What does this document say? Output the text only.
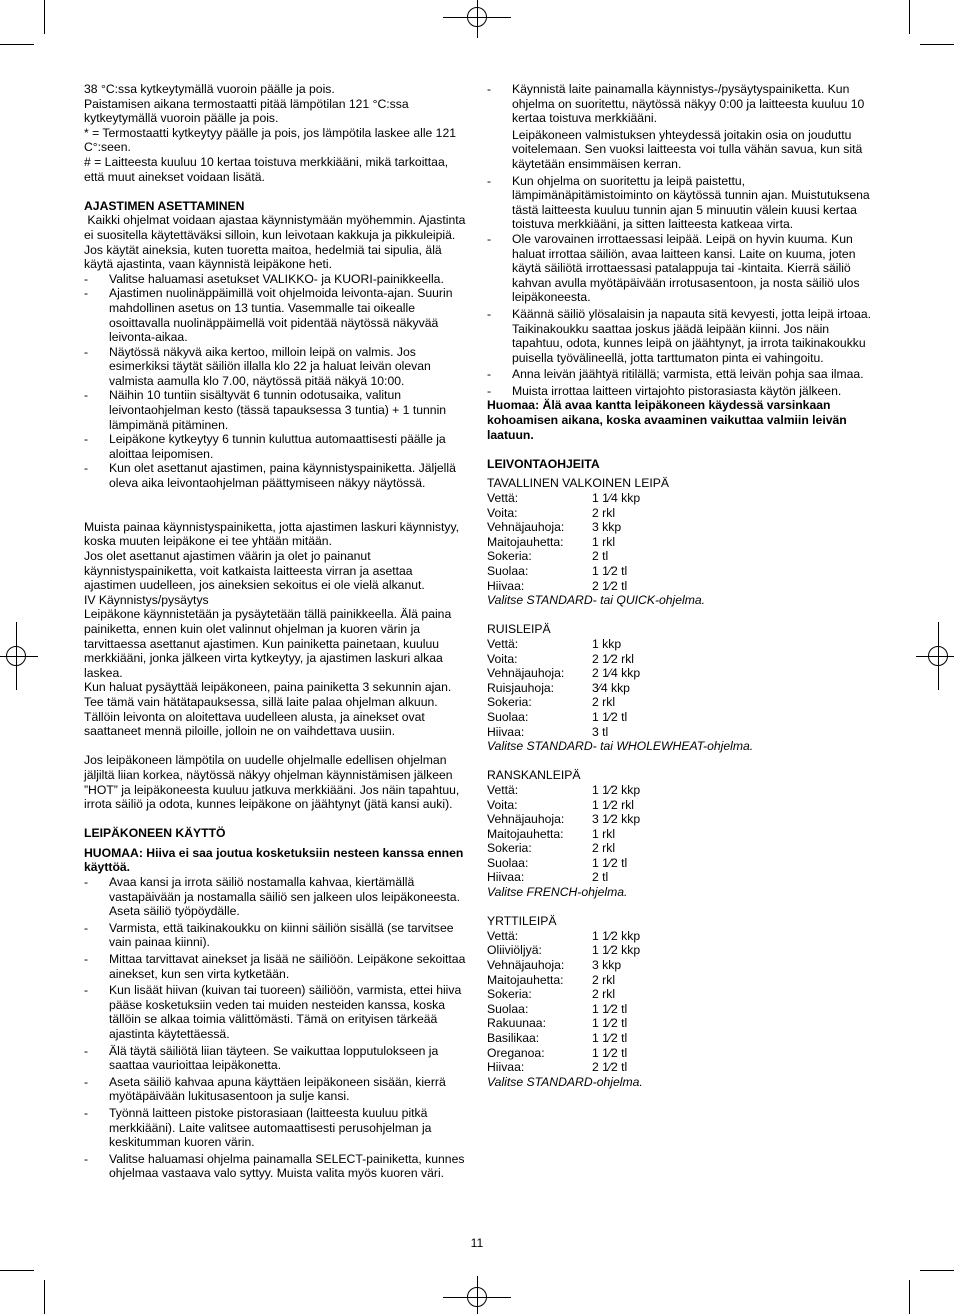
38 °C:ssa kytkeytymällä vuoroin päälle ja pois.

Paistamisen aikana termostaatti pitää lämpötilan 121 °C:ssa kytkeytymällä vuoroin päälle ja pois.

* = Termostaatti kytkeytyy päälle ja pois, jos lämpötila laskee alle 121 C°:seen.

# = Laitteesta kuuluu 10 kertaa toistuva merkkiääni, mikä tarkoittaa, että muut ainekset voidaan lisätä.

AJASTIMEN ASETTAMINEN

Kaikki ohjelmat voidaan ajastaa käynnistymään myöhemmin. Ajastinta ei suositella käytettäväksi silloin, kun leivotaan kakkuja ja pikkuleipiä. Jos käytät aineksia, kuten tuoretta maitoa, hedelmiä tai sipulia, älä käytä ajastinta, vaan käynnistä leipäkone heti.

-	Valitse haluamasi asetukset VALIKKO- ja KUORI-painikkeella.
-	Ajastimen nuolinäppäimillä voit ohjelmoida leivonta-ajan. Suurin mahdollinen asetus on 13 tuntia. Vasemmalle tai oikealle osoittavalla nuolinäppäimellä voit pidentää näytössä näkyvää leivonta-aikaa.
-	Näytössä näkyvä aika kertoo, milloin leipä on valmis. Jos esimerkiksi täytät säiliön illalla klo 22 ja haluat leivän olevan valmista aamulla klo 7.00, näytössä pitää näkyä 10:00.
-	Näihin 10 tuntiin sisältyvät 6 tunnin odotusaika, valitun leivontaohjelman kesto (tässä tapauksessa 3 tuntia) + 1 tunnin lämpimänä pitäminen.
-	Leipäkone kytkeytyy 6 tunnin kuluttua automaattisesti päälle ja aloittaa leipomisen.
-	Kun olet asettanut ajastimen, paina käynnistyspainiketta. Jäljellä oleva aika leivontaohjelman päättymiseen näkyy näytössä.

Muista painaa käynnistyspainiketta, jotta ajastimen laskuri käynnistyy, koska muuten leipäkone ei tee yhtään mitään.

Jos olet asettanut ajastimen väärin ja olet jo painanut käynnistyspainiketta, voit katkaista laitteesta virran ja asettaa ajastimen uudelleen, jos aineksien sekoitus ei ole vielä alkanut.

IV Käynnistys/pysäytys

Leipäkone käynnistetään ja pysäytetään tällä painikkeella. Älä paina painiketta, ennen kuin olet valinnut ohjelman ja kuoren värin ja tarvittaessa asettanut ajastimen. Kun painiketta painetaan, kuuluu merkkiääni, jonka jälkeen virta kytkeytyy, ja ajastimen laskuri alkaa laskea.

Kun haluat pysäyttää leipäkoneen, paina painiketta 3 sekunnin ajan. Tee tämä vain hätätapauksessa, sillä laite palaa ohjelman alkuun. Tällöin leivonta on aloitettava uudelleen alusta, ja ainekset ovat saattaneet mennä piloille, jolloin ne on vaihdettava uusiin.

Jos leipäkoneen lämpötila on uudelle ohjelmalle edellisen ohjelman jäljiltä liian korkea, näytössä näkyy ohjelman käynnistämisen jälkeen ”HOT” ja leipäkoneesta kuuluu jatkuva merkkiääni. Jos näin tapahtuu, irrota säiliö ja odota, kunnes leipäkone on jäähtynyt (jätä kansi auki).

LEIPÄKONEEN KÄYTTÖ

HUOMAA: Hiiva ei saa joutua kosketuksiin nesteen kanssa ennen käyttöä.

-	Avaa kansi ja irrota säiliö nostamalla kahvaa, kiertämällä vastapäivään ja nostamalla säiliö sen jalkeen ulos leipäkoneesta. Aseta säiliö työpöydälle.
-	Varmista, että taikinakoukku on kiinni säiliön sisällä (se tarvitsee vain painaa kiinni).
-	Mittaa tarvittavat ainekset ja lisää ne säiliöön. Leipäkone sekoittaa ainekset, kun sen virta kytketään.
-	Kun lisäät hiivan (kuivan tai tuoreen) säiliöön, varmista, ettei hiiva pääse kosketuksiin veden tai muiden nesteiden kanssa, koska tällöin se alkaa toimia välittömästi. Tämä on erityisen tärkeää ajastinta käytettäessä.
-	Älä täytä säiliötä liian täyteen. Se vaikuttaa lopputulokseen ja saattaa vaurioittaa leipäkonetta.
-	Aseta säiliö kahvaa apuna käyttäen leipäkoneen sisään, kierrä myötäpäivään lukitusasentoon ja sulje kansi.
-	Työnnä laitteen pistoke pistorasiaan (laitteesta kuuluu pitkä merkkiääni). Laite valitsee automaattisesti perusohjelman ja keskitumman kuoren värin.
-	Valitse haluamasi ohjelma painamalla SELECT-painiketta, kunnes ohjelmaa vastaava valo syttyy. Muista valita myös kuoren väri.
-	Käynnistä laite painamalla käynnistys-/pysäytyspainiketta. Kun ohjelma on suoritettu, näytössä näkyy 0:00 ja laitteesta kuuluu 10 kertaa toistuva merkkiääni.

Leipäkoneen valmistuksen yhteydessä joitakin osia on jouduttu voitelemaan. Sen vuoksi laitteesta voi tulla vähän savua, kun sitä käytetään ensimmäisen kerran.

-	Kun ohjelma on suoritettu ja leipä paistettu, lämpimänäpitämistoiminto on käytössä tunnin ajan. Muistutuksena tästä laitteesta kuuluu tunnin ajan 5 minuutin välein kuusi kertaa toistuva merkkiääni, ja sitten laitteesta katkeaa virta.
-	Ole varovainen irrottaessasi leipää. Leipä on hyvin kuuma. Kun haluat irrottaa säiliön, avaa laitteen kansi. Laite on kuuma, joten käytä säiliötä irrottaessasi patalappuja tai -kintaita. Kierrä säiliö kahvan avulla myötäpäivään irrotusasentoon, ja nosta säiliö ulos leipäkoneesta.
-	Käännä säiliö ylösalaisin ja napauta sitä kevyesti, jotta leipä irtoaa. Taikinakoukku saattaa joskus jäädä leipään kiinni. Jos näin tapahtuu, odota, kunnes leipä on jäähtynyt, ja irrota taikinakoukku puisella työvälineellä, jotta tarttumaton pinta ei vahingoitu.
-	Anna leivän jäähtyä ritilällä; varmista, että leivän pohja saa ilmaa.
-	Muista irrottaa laitteen virtajohto pistorasiasta käytön jälkeen.

Huomaa: Älä avaa kantta leipäkoneen käydessä varsinkaan kohoamisen aikana, koska avaaminen vaikuttaa valmiin leivän laatuun.

LEIVONTAOHJEITA

TAVALLINEN VALKOINEN LEIPÄ

Vettä:	1 1⁄4 kkp
Voita:	2 rkl
Vehnäjauhoja:	3 kkp
Maitojauhetta:	1 rkl
Sokeria:	2 tl
Suolaa:	1 1⁄2 tl
Hiivaa:	2 1⁄2 tl

Valitse STANDARD- tai QUICK-ohjelma.

RUISLEIPÄ

Vettä:	1 kkp
Voita:	2 1⁄2 rkl
Vehnäjauhoja:	2 1⁄4 kkp
Ruisjauhoja:	3⁄4 kkp
Sokeria:	2 rkl
Suolaa:	1 1⁄2 tl
Hiivaa:	3 tl

Valitse STANDARD- tai WHOLEWHEAT-ohjelma.

RANSKANLEIPÄ

Vettä:	1 1⁄2 kkp
Voita:	1 1⁄2 rkl
Vehnäjauhoja:	3 1⁄2 kkp
Maitojauhetta:	1 rkl
Sokeria:	2 rkl
Suolaa:	1 1⁄2 tl
Hiivaa:	2 tl

Valitse FRENCH-ohjelma.

YRTTILEIPÄ

Vettä:	1 1⁄2 kkp
Oliiviöljyä:	1 1⁄2 kkp
Vehnäjauhoja:	3 kkp
Maitojauhetta:	2 rkl
Sokeria:	2 rkl
Suolaa:	1 1⁄2 tl
Rakuunaa:	1 1⁄2 tl
Basilikaa:	1 1⁄2 tl
Oreganoa:	1 1⁄2 tl
Hiivaa:	2 1⁄2 tl

Valitse STANDARD-ohjelma.

11
